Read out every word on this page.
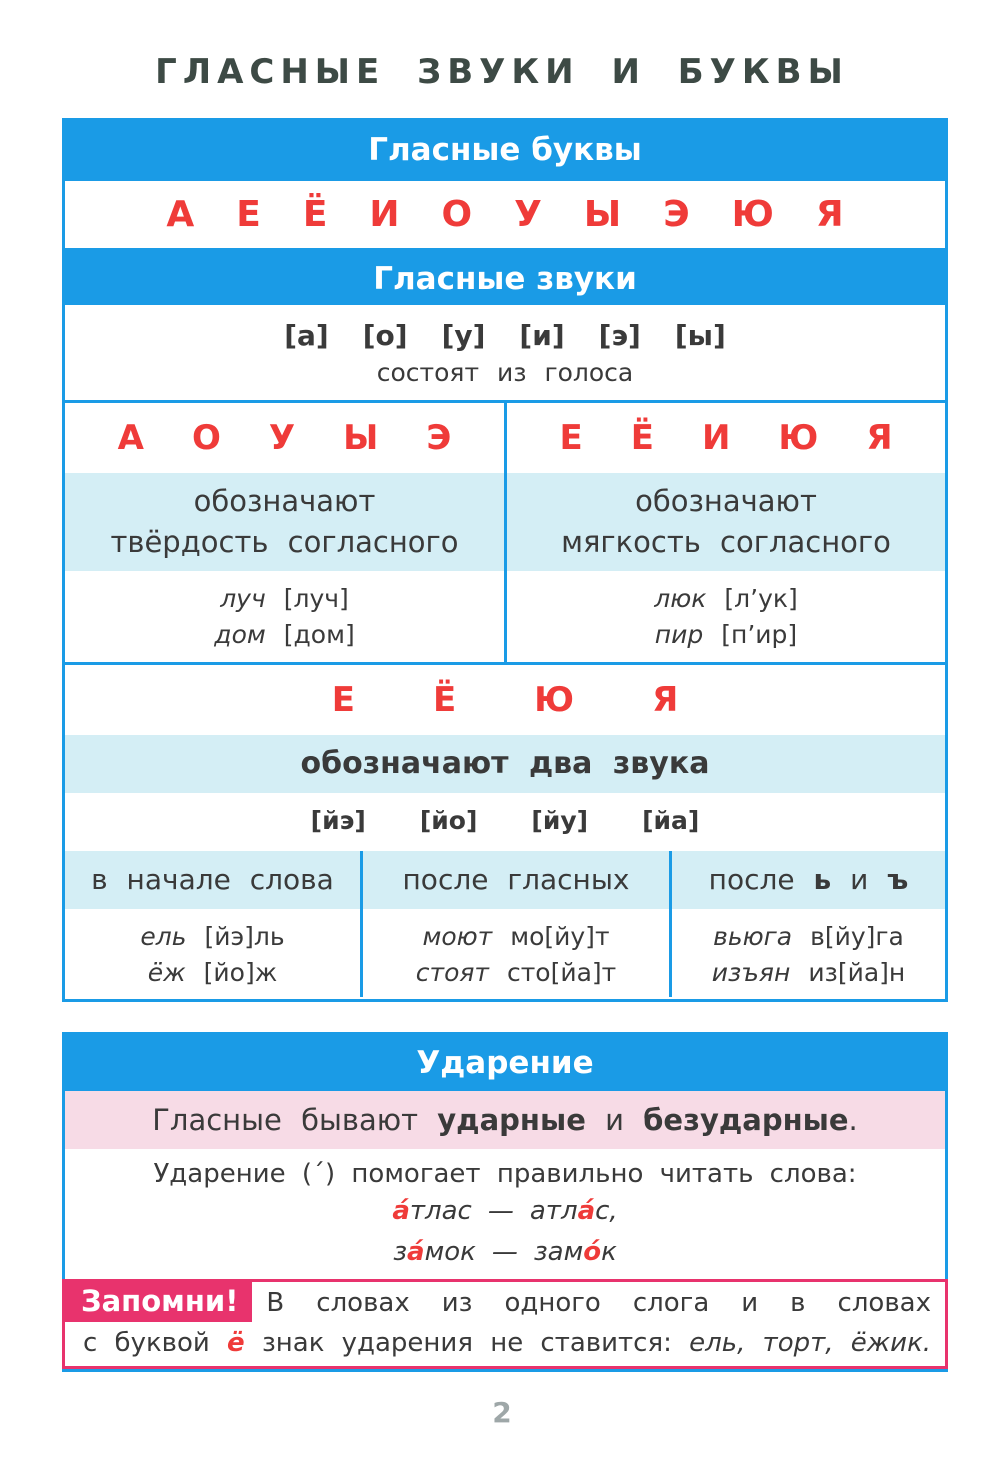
ГЛАСНЫЕ ЗВУКИ И БУКВЫ
Гласные буквы
А Е Ё И О У Ы Э Ю Я
Гласные звуки
[а] [о] [у] [и] [э] [ы]
состоят из голоса
А О У Ы Э
обозначают
твёрдость согласного
луч [луч]
дом [дом]
Е Ё И Ю Я
обозначают
мягкость согласного
люк [л’ук]
пир [п’ир]
Е Ё Ю Я
обозначают два звука
[йэ] [йо] [йу] [йа]
в начале слова
ель [йэ]ль
ёж [йо]ж
после гласных
моют мо[йу]т
стоят сто[йа]т
после ь и ъ
вьюга в[йу]га
изъян из[йа]н
Ударение
Гласные бывают ударные и безударные.
Ударение (´) помогает правильно читать слова:
а́тлас — атла́с,
за́мок — замо́к
Запомни!	В словах из одного слога и в словах
с буквой ё знак ударения не ставится: ель, торт, ёжик.
2
